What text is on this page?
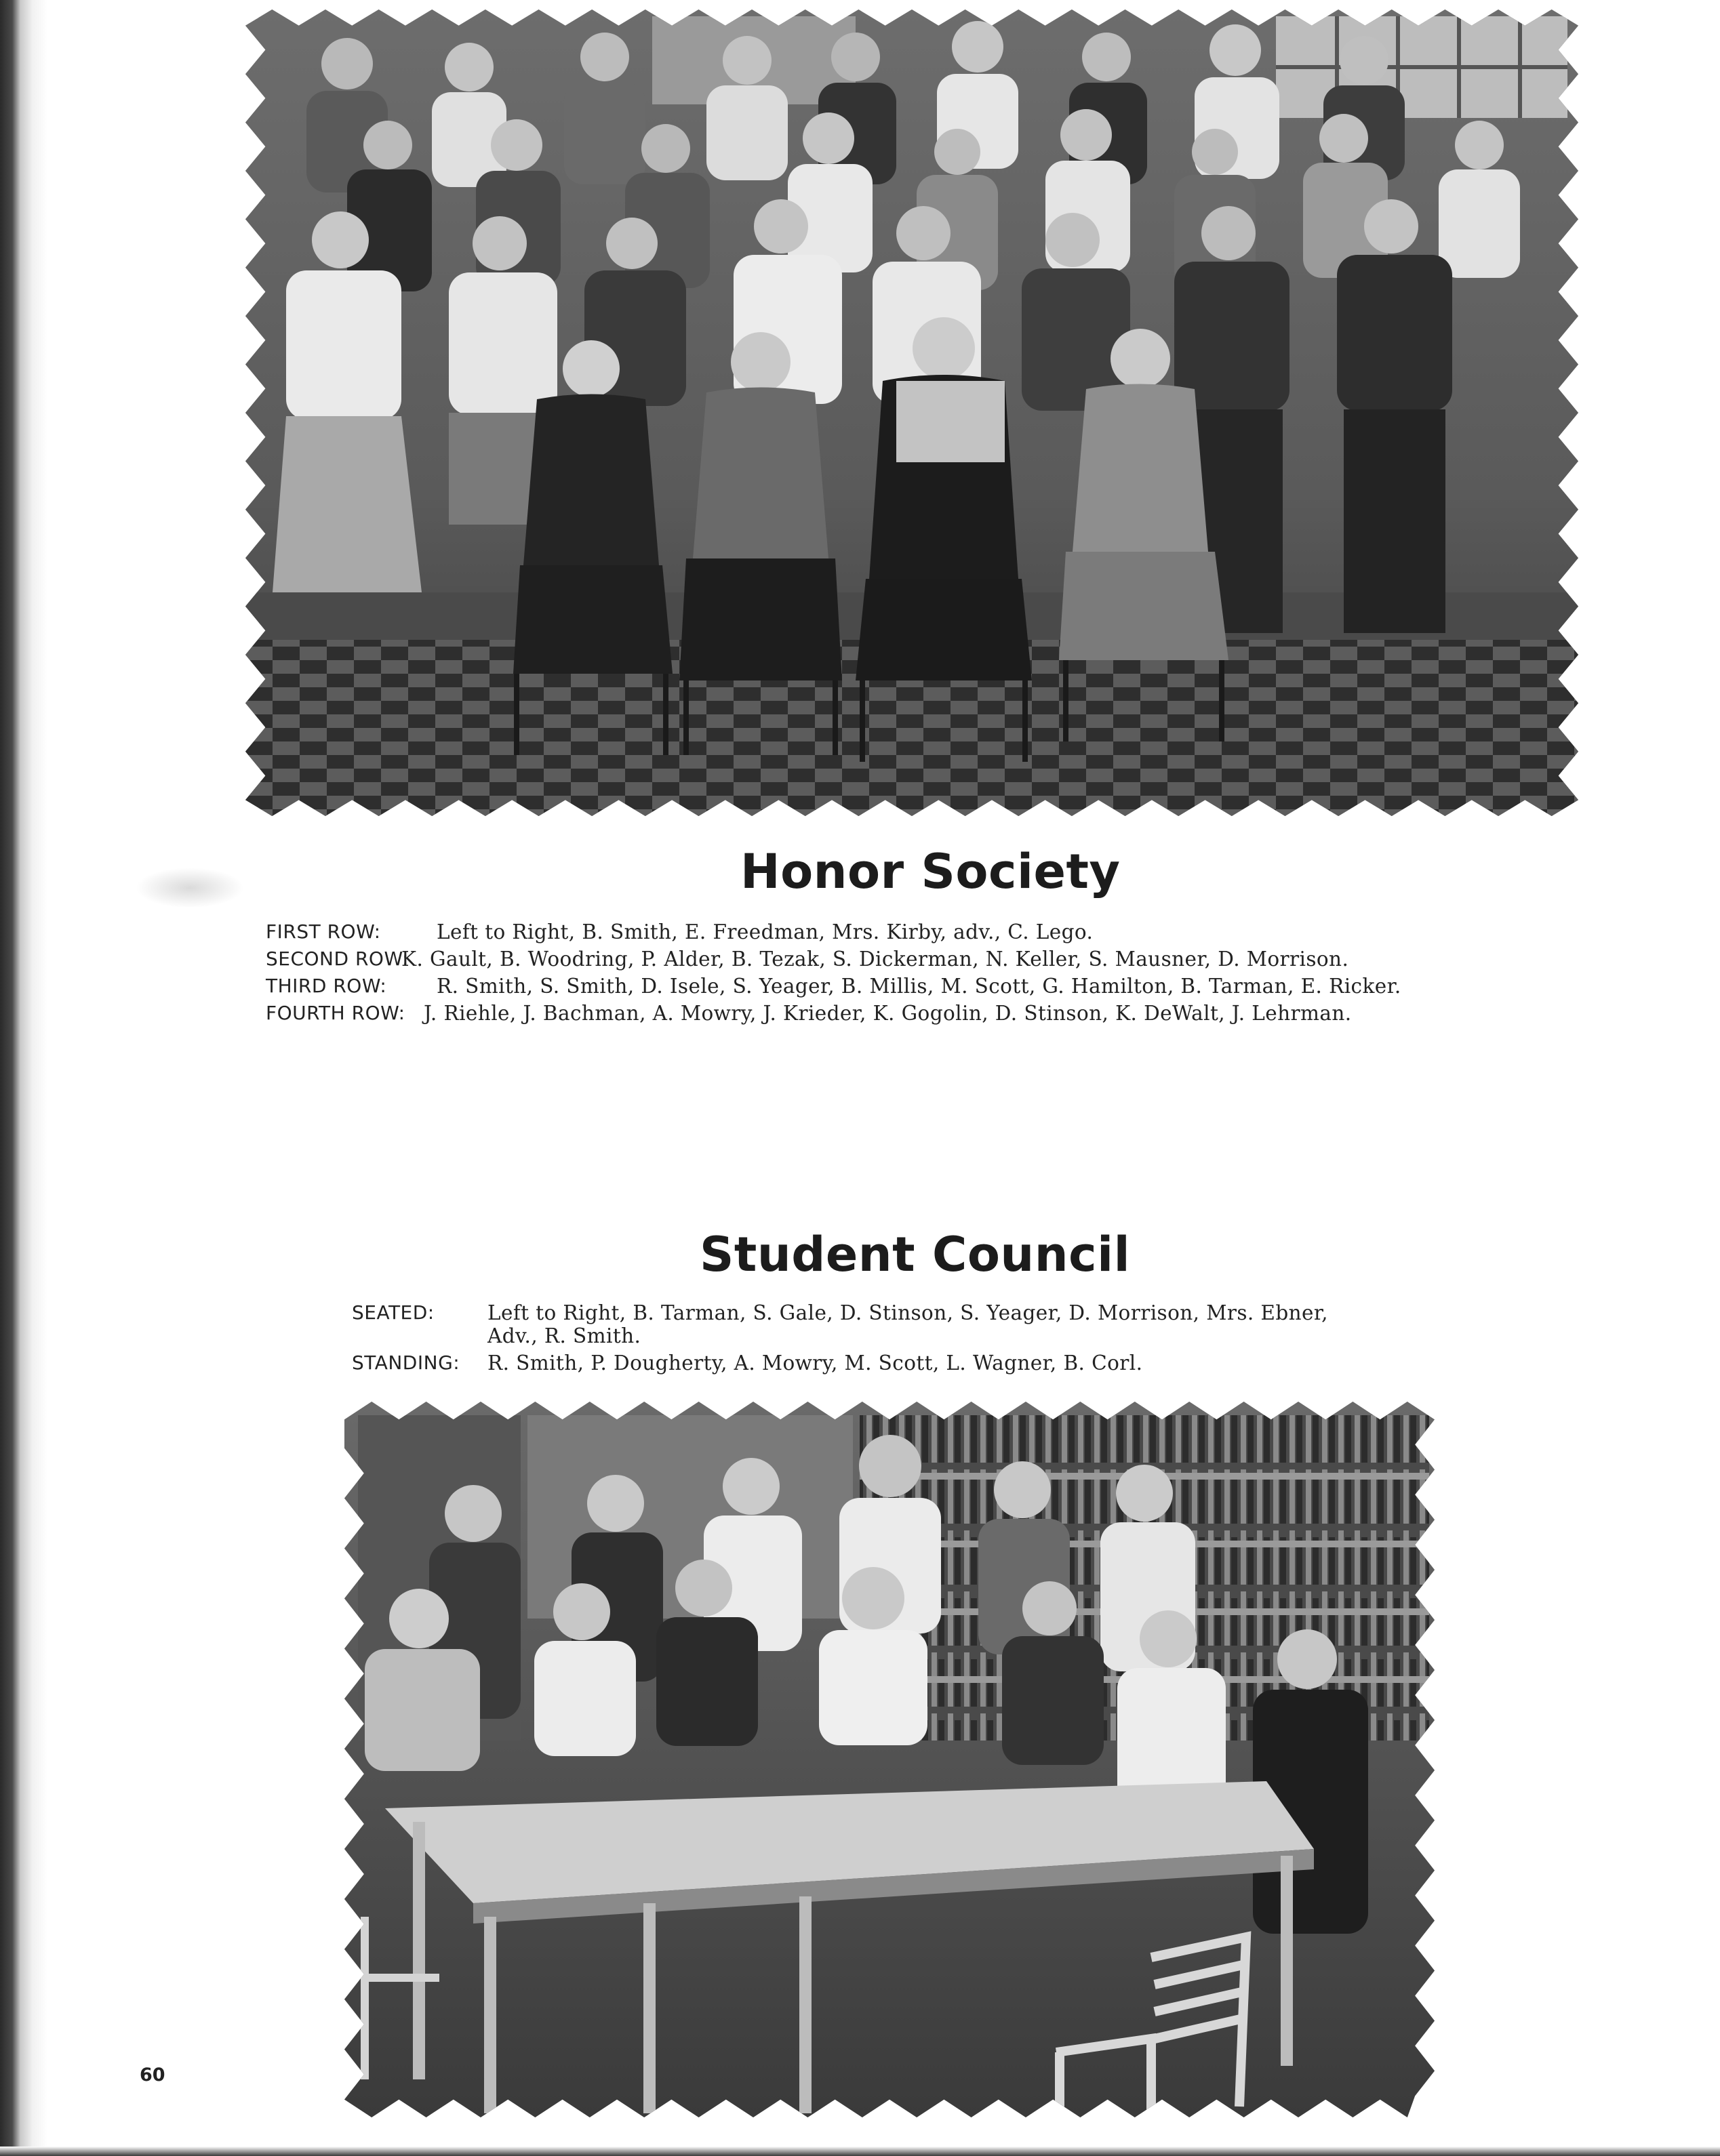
Honor Society
FIRST ROW:	Left to Right, B. Smith, E. Freedman, Mrs. Kirby, adv., C. Lego.
SECOND ROW:
K. Gault, B. Woodring, P. Alder, B. Tezak, S. Dickerman, N. Keller, S. Mausner, D. Morrison.
THIRD ROW: R. Smith, S. Smith, D. Isele, S. Yeager, B. Millis, M. Scott, G. Hamilton, B. Tarman, E. Ricker.
FOURTH ROW: J. Riehle, J. Bachman, A. Mowry, J. Krieder, K. Gogolin, D. Stinson, K. DeWalt, J. Lehrman.
Student Council
SEATED:	Left to Right, B. Tarman, S. Gale, D. Stinson, S. Yeager, D. Morrison, Mrs. Ebner,
Adv., R. Smith.
STANDING: R. Smith, P. Dougherty, A. Mowry, M. Scott, L. Wagner, B. Corl.
60
